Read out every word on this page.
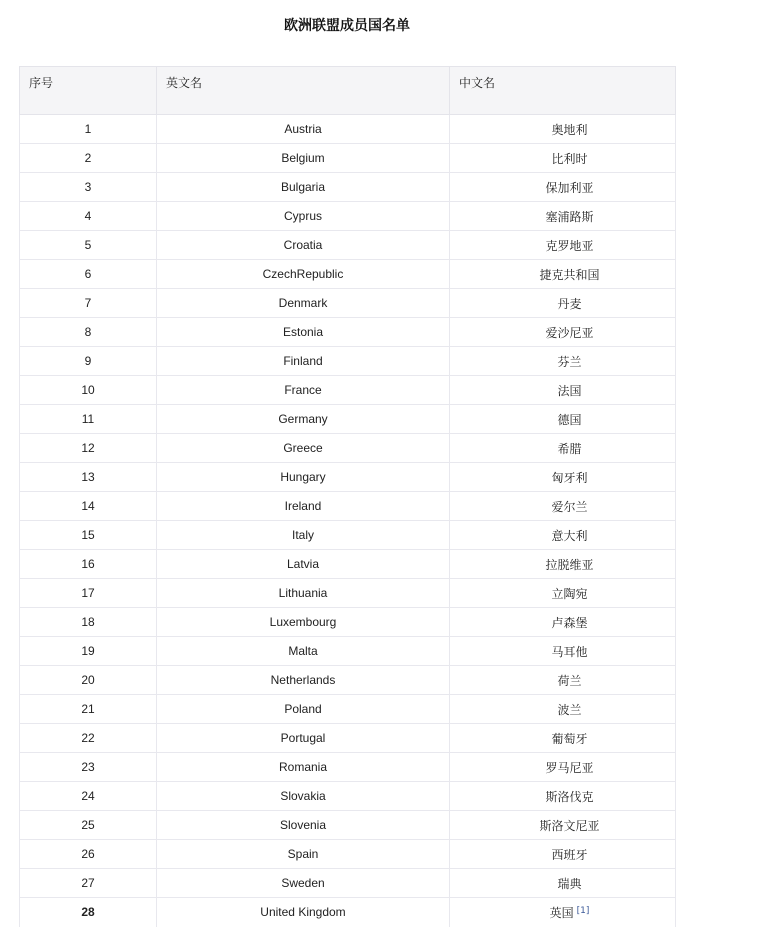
欧洲联盟成员国名单
序号	英文名	中文名
1	Austria	奥地利
2	Belgium	比利时
3	Bulgaria	保加利亚
4	Cyprus	塞浦路斯
5	Croatia	克罗地亚
6	CzechRepublic	捷克共和国
7	Denmark	丹麦
8	Estonia	爱沙尼亚
9	Finland	芬兰
10	France	法国
11	Germany	德国
12	Greece	希腊
13	Hungary	匈牙利
14	Ireland	爱尔兰
15	Italy	意大利
16	Latvia	拉脱维亚
17	Lithuania	立陶宛
18	Luxembourg	卢森堡
19	Malta	马耳他
20	Netherlands	荷兰
21	Poland	波兰
22	Portugal	葡萄牙
23	Romania	罗马尼亚
24	Slovakia	斯洛伐克
25	Slovenia	斯洛文尼亚
26	Spain	西班牙
27	Sweden	瑞典
28	United Kingdom	英国 [1]
